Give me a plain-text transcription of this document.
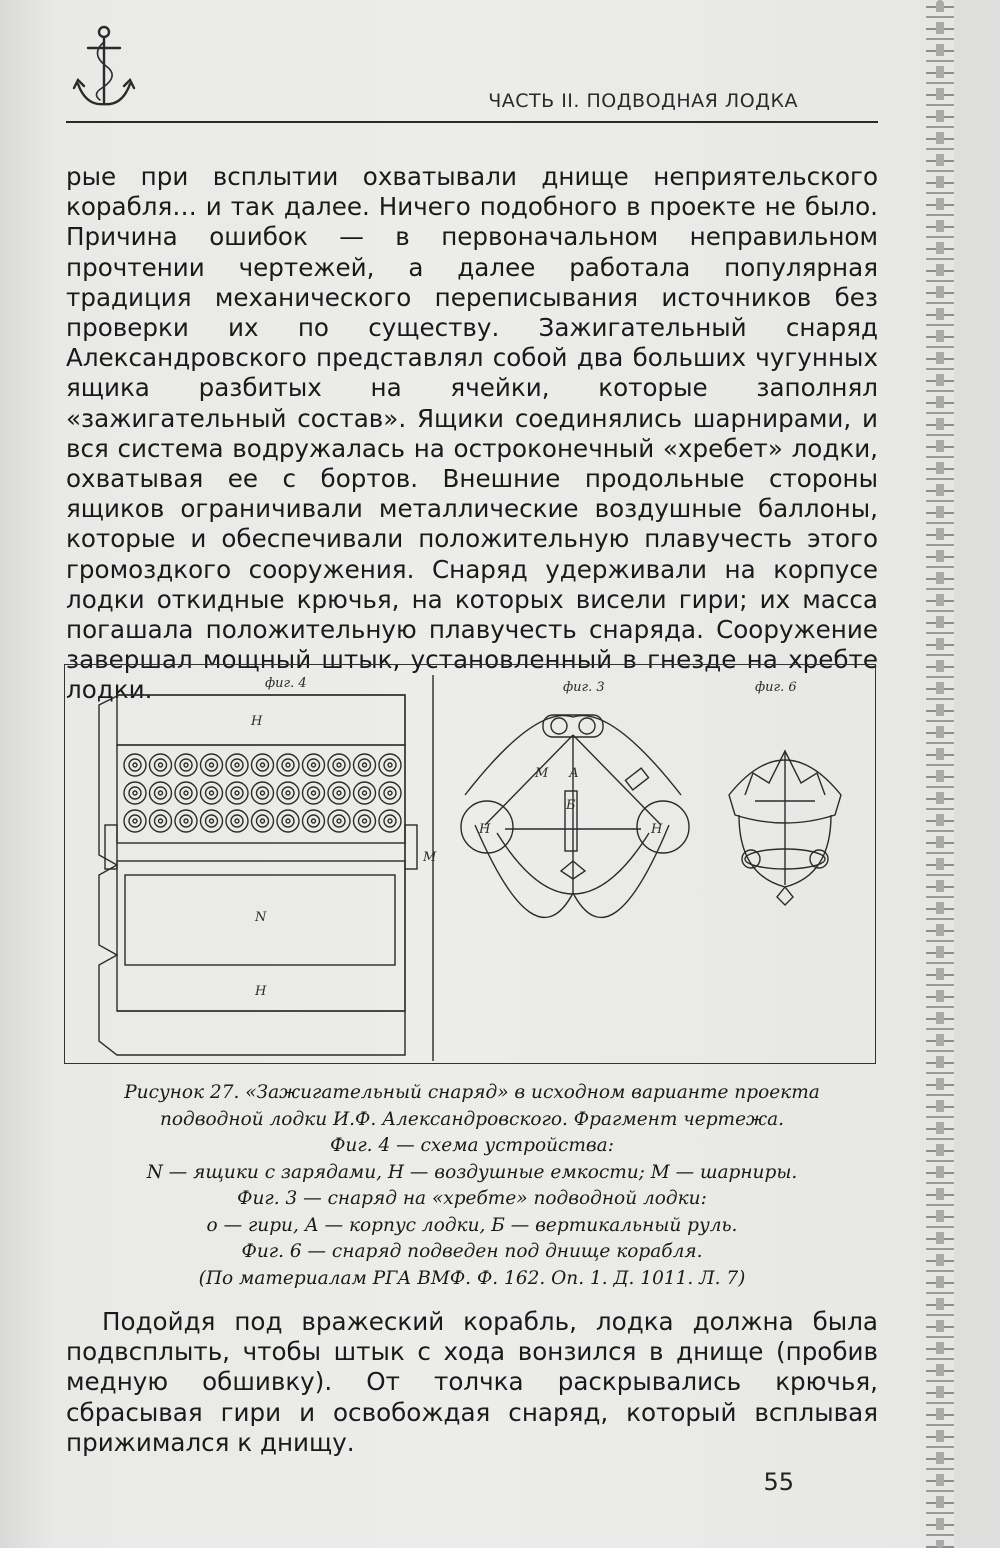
ЧАСТЬ II. ПОДВОДНАЯ ЛОДКА

рые при всплытии охватывали днище неприятельского корабля… и так далее. Ничего подобного в проекте не было. Причина ошибок — в первоначальном неправильном прочтении чертежей, а далее работала популярная традиция механического переписывания источников без проверки их по существу. Зажигательный снаряд Александровского представлял собой два больших чугунных ящика разбитых на ячейки, которые заполнял «зажигательный состав». Ящики соединялись шарнирами, и вся система водружалась на остроконечный «хребет» лодки, охватывая ее с бортов. Внешние продольные стороны ящиков ограничивали металлические воздушные баллоны, которые и обеспечивали положительную плавучесть этого громоздкого сооружения. Снаряд удерживали на корпусе лодки откидные крючья, на которых висели гири; их масса погашала положительную плавучесть снаряда. Сооружение завершал мощный штык, установленный в гнезде на хребте лодки.	фиг. 4
Н
N
Н
М
фиг. 3
М А
Б
Н	Н
фиг. 6
Рисунок 27. «Зажигательный снаряд» в исходном варианте проекта
подводной лодки И.Ф. Александровского. Фрагмент чертежа.
Фиг. 4 — схема устройства:
N — ящики с зарядами, Н — воздушные емкости; М — шарниры.
Фиг. 3 — снаряд на «хребте» подводной лодки:
о — гири, А — корпус лодки, Б — вертикальный руль.
Фиг. 6 — снаряд подведен под днище корабля.
(По материалам РГА ВМФ. Ф. 162. Оп. 1. Д. 1011. Л. 7)

Подойдя под вражеский корабль, лодка должна была подвсплыть, чтобы штык с хода вонзился в днище (пробив медную обшивку). От толчка раскрывались крючья, сбрасывая гири и освобождая снаряд, который всплывая прижимался к днищу.

55
